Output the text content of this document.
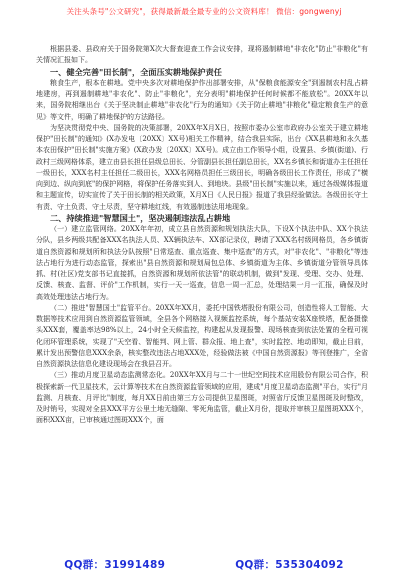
关注头条号"公文研究"，获得最新最全最专业的公文资料库！ 微信：gongwenyj

根据县委、县政府关于国务院第X次大督查迎查工作会议安排，现将遏制耕地"非农化"防止"非粮化"有关情况汇报如下。

一、健全完善"田长制"，全面压实耕地保护责任

粮食生产，根本在耕地。党中央多次对耕地保护作出部署安排，从"保粮食能源安全"到遏制农村乱占耕地建房，再到遏制耕地"非农化"、防止"非粮化"，充分表明"耕地保护任何时候都不能放松"。20XX年以来，国务院相继出台《关于坚决制止耕地"非农化"行为的通知》《关于防止耕地"非粮化"稳定粮食生产的意见》等文件，明确了耕地保护的方法路径。

为坚决贯彻党中央、国务院的决策部署，20XX年X月X日，按照市委办公室市政府办公室关于建立耕地保护"田长制"的通知》(X办发电〔20XX〕XX号)相关工作精神，结合我县实际，出台《XX县耕地和永久基本农田保护"田长制"实施方案》(X政办发〔20XX〕XX号)。成立由工作领导小组，设置县、乡镇(街道)、行政村三级网格体系，建立由县长担任县级总田长、分管副县长担任副总田长，XX名乡镇长和街道办主任担任一级田长，XXX名村主任担任二级田长，XXX名网格员担任三级田长，明确各级田长工作责任，形成了"横向到边、纵向到底"的保护网格，将保护任务落实到人、到地块。县级"田长制"实施以来，通过各级媒体报道和主题宣传，切实宣传了关于田长制的相关政策，X月X日《人民日报》报道了我县经验做法。各级田长守土有责、守土负责、守土尽责，坚守耕地红线，有效遏制违法用地现象。

二、持续推进"智慧国土"，坚决遏制违法乱占耕地

（一）建立监管网络。20XX年年初，成立县自然资源和规划执法大队，下设X个执法中队、XX个执法分队，县乡两级共配备XXX名执法人员、XX辆执法车、XX部记录仪，聘请了XXX名村级网格员，各乡镇街道自然资源和规划所和执法分队按照"日常巡查、重点巡查、集中巡查"的方式，对"非农化"、"非粮化"等违法占地行为进行动态监管，探索出"县自然资源和规划局包总体、乡镇街道为主体、乡镇街道分管领导具体抓、村(社区)党支部书记直接抓，自然资源和规划所依法管"的联动机制，做到"发现、受理、交办、处理、反馈、核查、监督、评价"工作机制，实行一天一巡查，信息一周一汇总，处理结果一月一汇报，确保及时高效处理违法占地行为。

（二）推进"智慧国土"监管平台。20XX年XX月，委托中国铁塔股份有限公司，创造性将人工智能、大数据等技术应用到自然资源监管领域，全县各个网格接入视频监控系统，每个基站安装X座铁塔，配备摄像头XXX套，覆盖率达98%以上，24小时全天候监控，构建起从发现报警、现场核查到依法处置的全程可视化闭环管理系统，实现了"天空看、智能判、网上管、群众报、地上查"，实时监控、地动即知，截止目前，累计发出预警信息XXX余条，核实整改违法占地XXX处，经验做法被《中国自然资源报》等刊登推广，全省自然资源执法信息化建设现场会在我县召开。

（三）推动月度卫星动态监测常态化。20XX年XX月与二十一世纪空间技术应用股份有限公司合作，积极探索新一代卫星技术，云计算等技术在自然资源监管领域的应用，建成"月度卫星动态监测"平台，实行"月监测、月核查、月评比"制度，每月XX日前由第三方公司提供卫星图斑，对照省厅反馈卫星图斑及时整改，及时销号，实现对全县XXX平方公里土地无缝隙、零死角监管，截止X月份，提取并审核卫星图斑XXX个，面积XXX亩，已审核通过图斑XXX个，面

QQ群：31991489	QQ群：535304092
